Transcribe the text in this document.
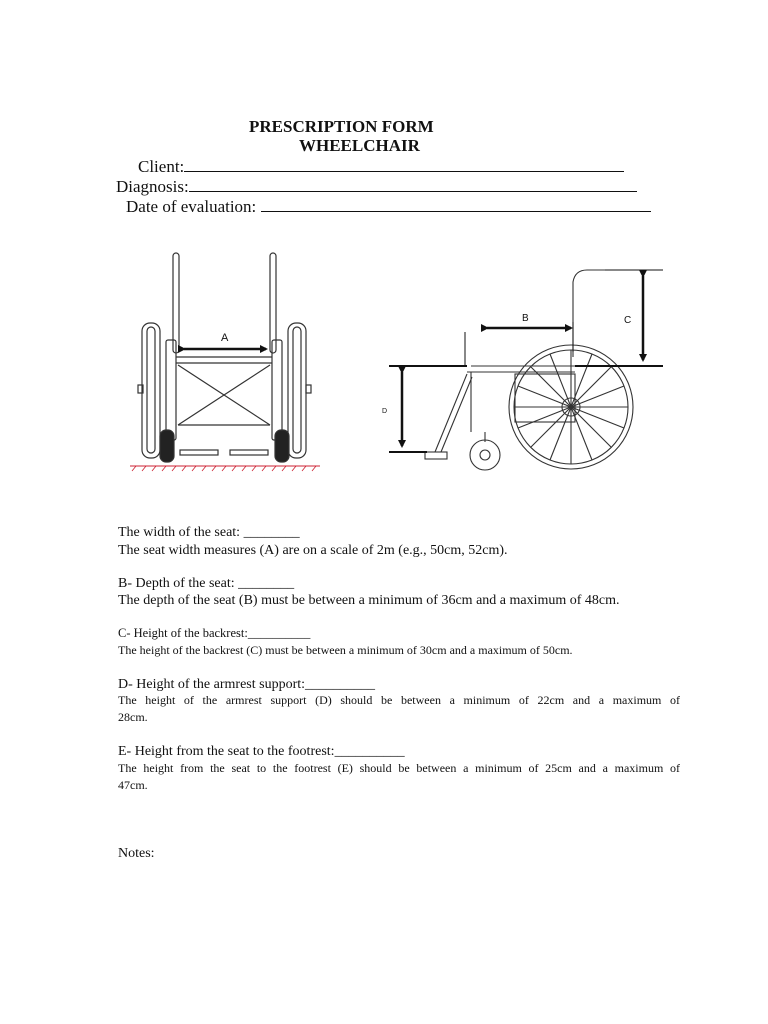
PRESCRIPTION FORM
WHEELCHAIR
Client:
Diagnosis:
Date of evaluation:
A
B	C
D
The width of the seat: ________
The seat width measures (A) are on a scale of 2m (e.g., 50cm, 52cm).
B- Depth of the seat: ________
The depth of the seat (B) must be between a minimum of 36cm and a maximum of 48cm.
C- Height of the backrest:__________
The height of the backrest (C) must be between a minimum of 30cm and a maximum of 50cm.
D- Height of the armrest support:__________
The height of the armrest support (D) should be between a minimum of 22cm and a maximum of
28cm.
E- Height from the seat to the footrest:__________
The height from the seat to the footrest (E) should be between a minimum of 25cm and a maximum of
47cm.
Notes:
